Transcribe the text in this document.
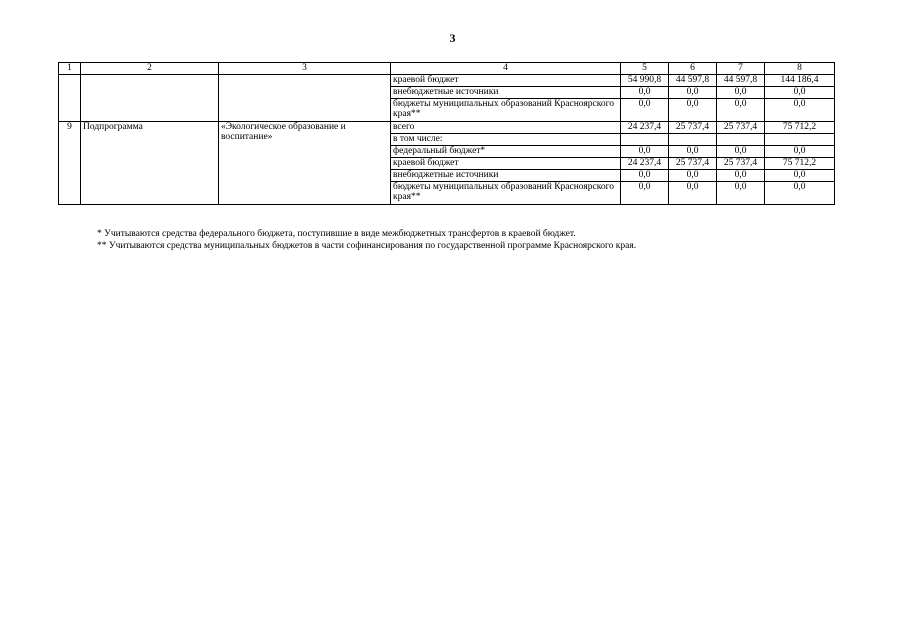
3
1	2	3	4	5	6	7	8
			краевой бюджет	54 990,8	44 597,8	44 597,8	144 186,4
			внебюджетные источники	0,0	0,0	0,0	0,0
			бюджеты муниципальных образований Красноярского края**	0,0	0,0	0,0	0,0
9	Подпрограмма	«Экологическое образование и воспитание»	всего	24 237,4	25 737,4	25 737,4	75 712,2
			в том числе:				
			федеральный бюджет*	0,0	0,0	0,0	0,0
			краевой бюджет	24 237,4	25 737,4	25 737,4	75 712,2
			внебюджетные источники	0,0	0,0	0,0	0,0
			бюджеты муниципальных образований Красноярского края**	0,0	0,0	0,0	0,0
* Учитываются средства федерального бюджета, поступившие в виде межбюджетных трансфертов в краевой бюджет.
** Учитываются средства муниципальных бюджетов в части софинансирования по государственной программе Красноярского края.
